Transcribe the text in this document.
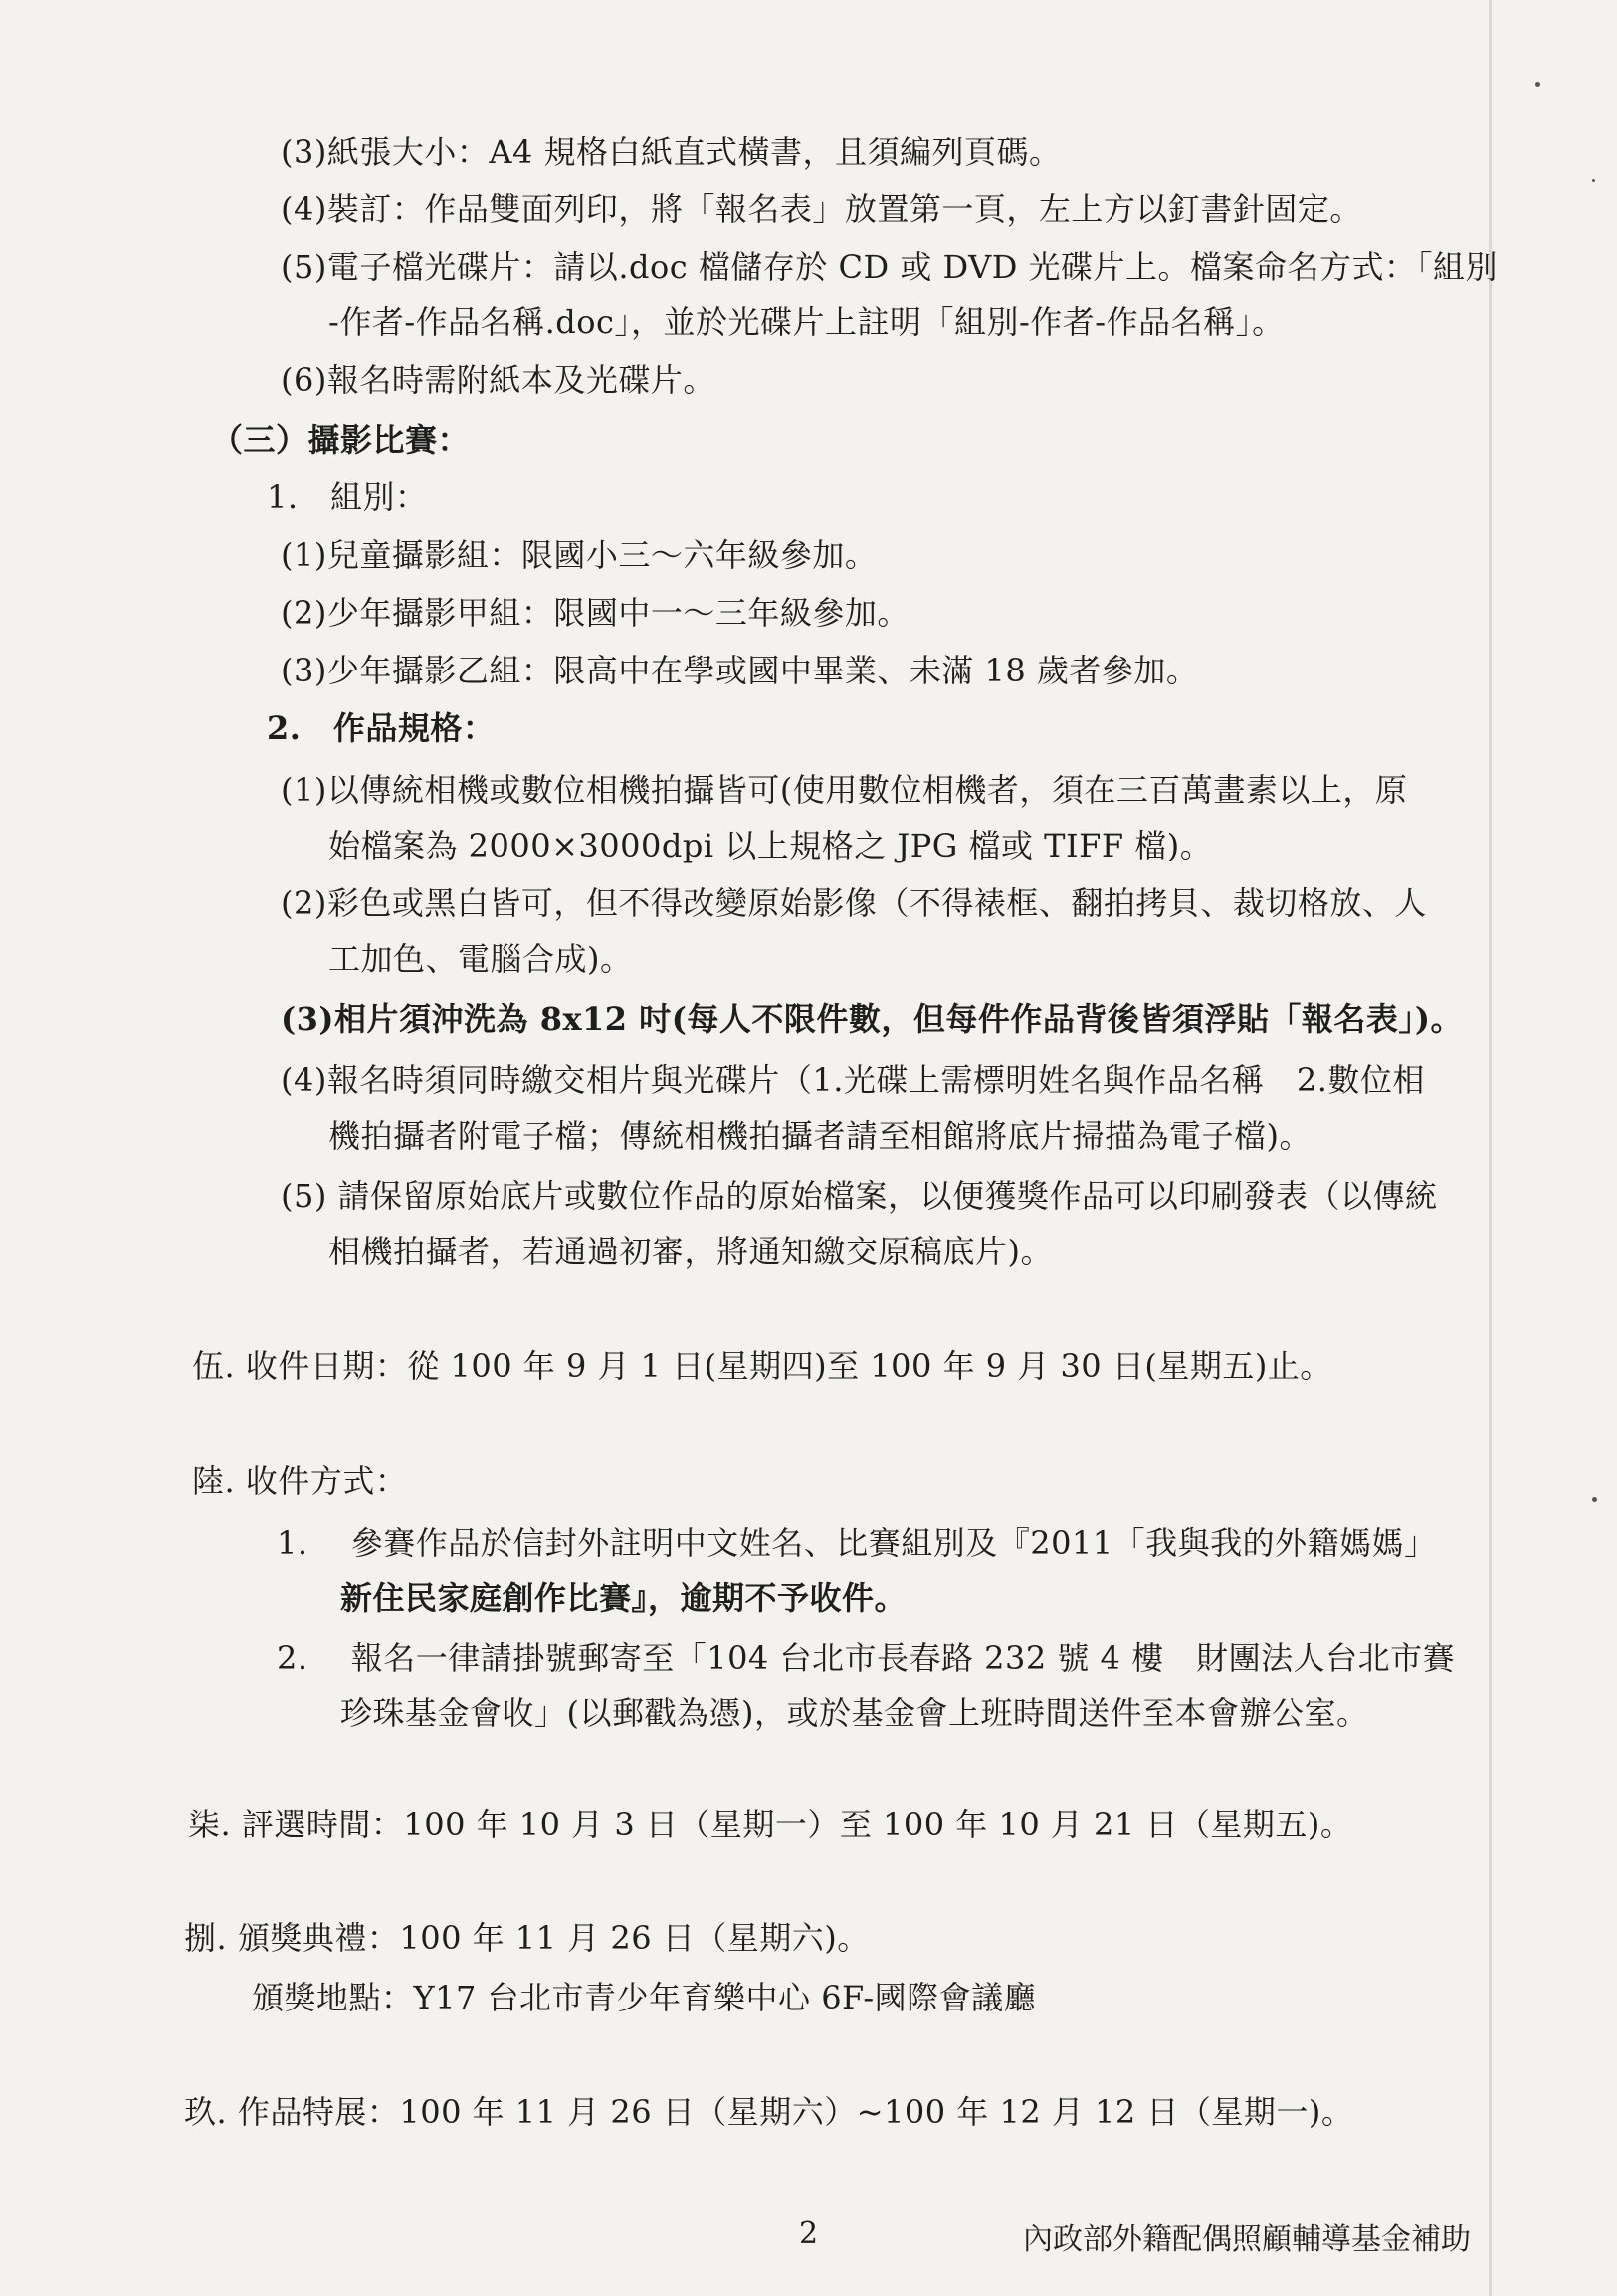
(3)紙張大小：A4 規格白紙直式橫書，且須編列頁碼。
(4)裝訂：作品雙面列印，將「報名表」放置第一頁，左上方以釘書針固定。
(5)電子檔光碟片：請以.doc 檔儲存於 CD 或 DVD 光碟片上。檔案命名方式：「組別
-作者-作品名稱.doc」，並於光碟片上註明「組別-作者-作品名稱」。
(6)報名時需附紙本及光碟片。
（三）攝影比賽：
1.　組別：
(1)兒童攝影組：限國小三～六年級參加。
(2)少年攝影甲組：限國中一～三年級參加。
(3)少年攝影乙組：限高中在學或國中畢業、未滿 18 歲者參加。
2.　作品規格：
(1)以傳統相機或數位相機拍攝皆可(使用數位相機者，須在三百萬畫素以上，原
始檔案為 2000×3000dpi 以上規格之 JPG 檔或 TIFF 檔)。
(2)彩色或黑白皆可，但不得改變原始影像（不得裱框、翻拍拷貝、裁切格放、人
工加色、電腦合成)。
(3)相片須沖洗為 8x12 吋(每人不限件數，但每件作品背後皆須浮貼「報名表」)。
(4)報名時須同時繳交相片與光碟片（1.光碟上需標明姓名與作品名稱　2.數位相
機拍攝者附電子檔；傳統相機拍攝者請至相館將底片掃描為電子檔)。
(5) 請保留原始底片或數位作品的原始檔案，以便獲獎作品可以印刷發表（以傳統
相機拍攝者，若通過初審，將通知繳交原稿底片)。
伍. 收件日期：從 100 年 9 月 1 日(星期四)至 100 年 9 月 30 日(星期五)止。
陸. 收件方式：
1.　 參賽作品於信封外註明中文姓名、比賽組別及『2011「我與我的外籍媽媽」
新住民家庭創作比賽』，逾期不予收件。
2.　 報名一律請掛號郵寄至「104 台北市長春路 232 號 4 樓　財團法人台北市賽
珍珠基金會收」(以郵戳為憑)，或於基金會上班時間送件至本會辦公室。
柒. 評選時間：100 年 10 月 3 日（星期一）至 100 年 10 月 21 日（星期五)。
捌. 頒獎典禮：100 年 11 月 26 日（星期六)。
頒獎地點：Y17 台北市青少年育樂中心 6F-國際會議廳
玖. 作品特展：100 年 11 月 26 日（星期六）~100 年 12 月 12 日（星期一)。
2	內政部外籍配偶照顧輔導基金補助
